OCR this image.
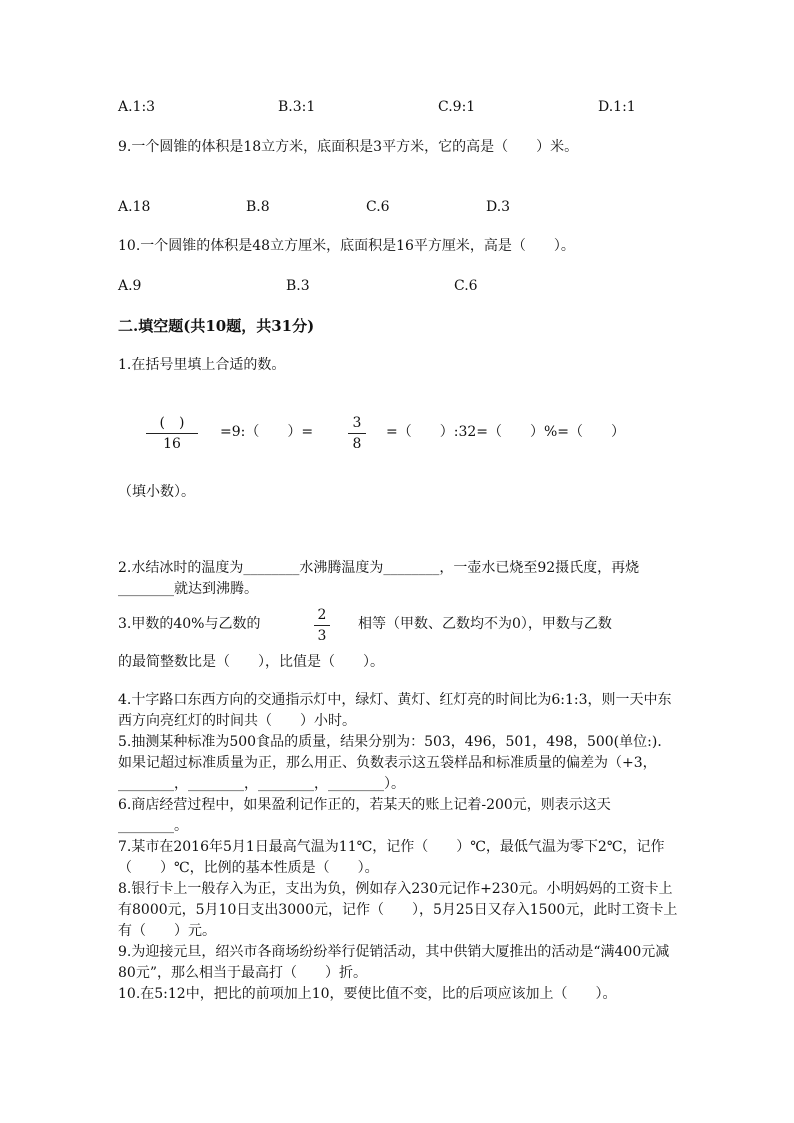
A.1:3	B.3:1	C.9:1	D.1:1
9.一个圆锥的体积是18立方米，底面积是3平方米，它的高是（　　）米。
A.18	B.8	C.6	D.3
10.一个圆锥的体积是48立方厘米，底面积是16平方厘米，高是（　　）。
A.9	B.3	C.6
二.填空题(共10题，共31分)
1.在括号里填上合适的数。
(　)
16
=9:（　　）=
3
8
=（　　）:32=（　　）%=（　　）
（填小数）。
2.水结冰时的温度为________水沸腾温度为________，一壶水已烧至92摄氏度，再烧________就达到沸腾。
3.甲数的40%与乙数的
2
3
相等（甲数、乙数均不为0），甲数与乙数
的最简整数比是（　　），比值是（　　）。
4.十字路口东西方向的交通指示灯中，绿灯、黄灯、红灯亮的时间比为6:1:3，则一天中东西方向亮红灯的时间共（　　）小时。
5.抽测某种标准为500食品的质量，结果分别为：503，496，501，498，500(单位:)．如果记超过标准质量为正，那么用正、负数表示这五袋样品和标准质量的偏差为（+3，________，________，________，________）。
6.商店经营过程中，如果盈利记作正的，若某天的账上记着-200元，则表示这天________。
7.某市在2016年5月1日最高气温为11℃，记作（　　）℃，最低气温为零下2℃，记作（　　）℃，比例的基本性质是（　　）。
8.银行卡上一般存入为正，支出为负，例如存入230元记作+230元。小明妈妈的工资卡上有8000元，5月10日支出3000元，记作（　　），5月25日又存入1500元，此时工资卡上有（　　）元。
9.为迎接元旦，绍兴市各商场纷纷举行促销活动，其中供销大厦推出的活动是“满400元减80元”，那么相当于最高打（　　）折。
10.在5:12中，把比的前项加上10，要使比值不变，比的后项应该加上（　　）。
